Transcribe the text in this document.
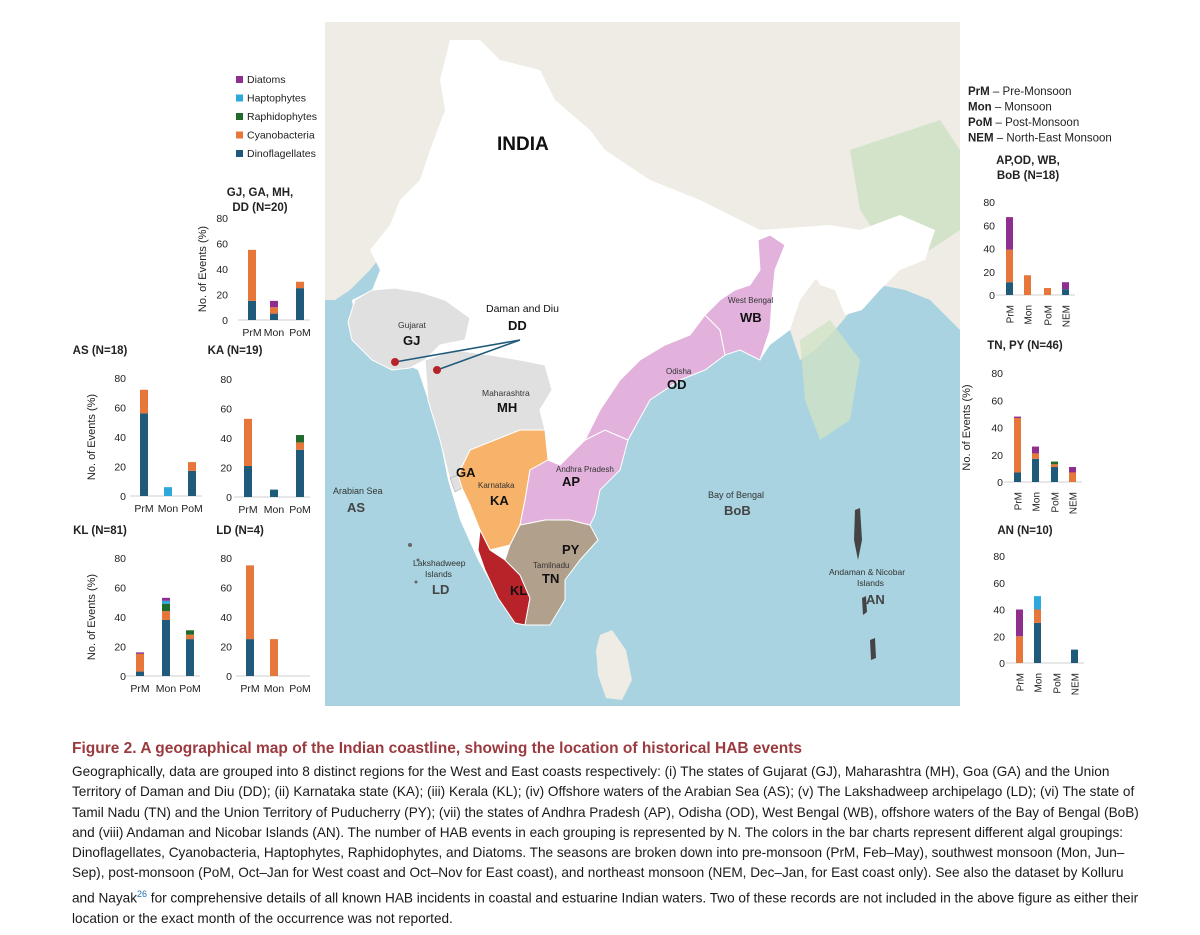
INDIA
Daman and Diu
DD
Gujarat
GJ
Maharashtra
MH
GA
Karnataka
KA
KL
Tamilnadu
TN
PY
Andhra Pradesh
AP
Odisha
OD
West Bengal
WB
Arabian Sea
AS
Bay of Bengal
BoB
Lakshadweep
Islands
LD
Andaman & Nicobar
Islands
AN
Diatoms
Haptophytes
Raphidophytes
Cyanobacteria
Dinoflagellates
PrM – Pre-Monsoon
Mon – Monsoon
PoM – Post-Monsoon
NEM – North-East Monsoon
GJ, GA, MH,
DD (N=20)
0
20
40
60
80
No. of Events (%)
PrM Mon PoM
AS (N=18)
0
20
40
60
80
No. of Events (%)
PrM Mon PoM
KA (N=19)
0
20
40
60
80
PrM Mon PoM
KL (N=81)
0
20
40
60
80
No. of Events (%)
PrM Mon PoM
LD (N=4)
0
20
40
60
80
PrM Mon PoM
AP,OD, WB,
BoB (N=18)
0
20
40
60
80
PrM Mon PoM NEM
TN, PY (N=46)
0
20
40
60
80
No. of Events (%)
PrM Mon PoM NEM
AN (N=10)
0
20
40
60
80
PrM Mon PoM NEM
Figure 2. A geographical map of the Indian coastline, showing the location of historical HAB events
Geographically, data are grouped into 8 distinct regions for the West and East coasts respectively: (i) The states of Gujarat (GJ), Maharashtra (MH), Goa (GA) and the Union Territory of Daman and Diu (DD); (ii) Karnataka state (KA); (iii) Kerala (KL); (iv) Offshore waters of the Arabian Sea (AS); (v) The Lakshadweep archipelago (LD); (vi) The state of Tamil Nadu (TN) and the Union Territory of Puducherry (PY); (vii) the states of Andhra Pradesh (AP), Odisha (OD), West Bengal (WB), offshore waters of the Bay of Bengal (BoB) and (viii) Andaman and Nicobar Islands (AN). The number of HAB events in each grouping is represented by N. The colors in the bar charts represent different algal groupings: Dinoflagellates, Cyanobacteria, Haptophytes, Raphidophytes, and Diatoms. The seasons are broken down into pre-monsoon (PrM, Feb–May), southwest monsoon (Mon, Jun–Sep), post-monsoon (PoM, Oct–Jan for West coast and Oct–Nov for East coast), and northeast monsoon (NEM, Dec–Jan, for East coast only). See also the dataset by Kolluru and Nayak$^{26}$ for comprehensive details of all known HAB incidents in coastal and estuarine Indian waters. Two of these records are not included in the above figure as either their location or the exact month of the occurrence was not reported.
